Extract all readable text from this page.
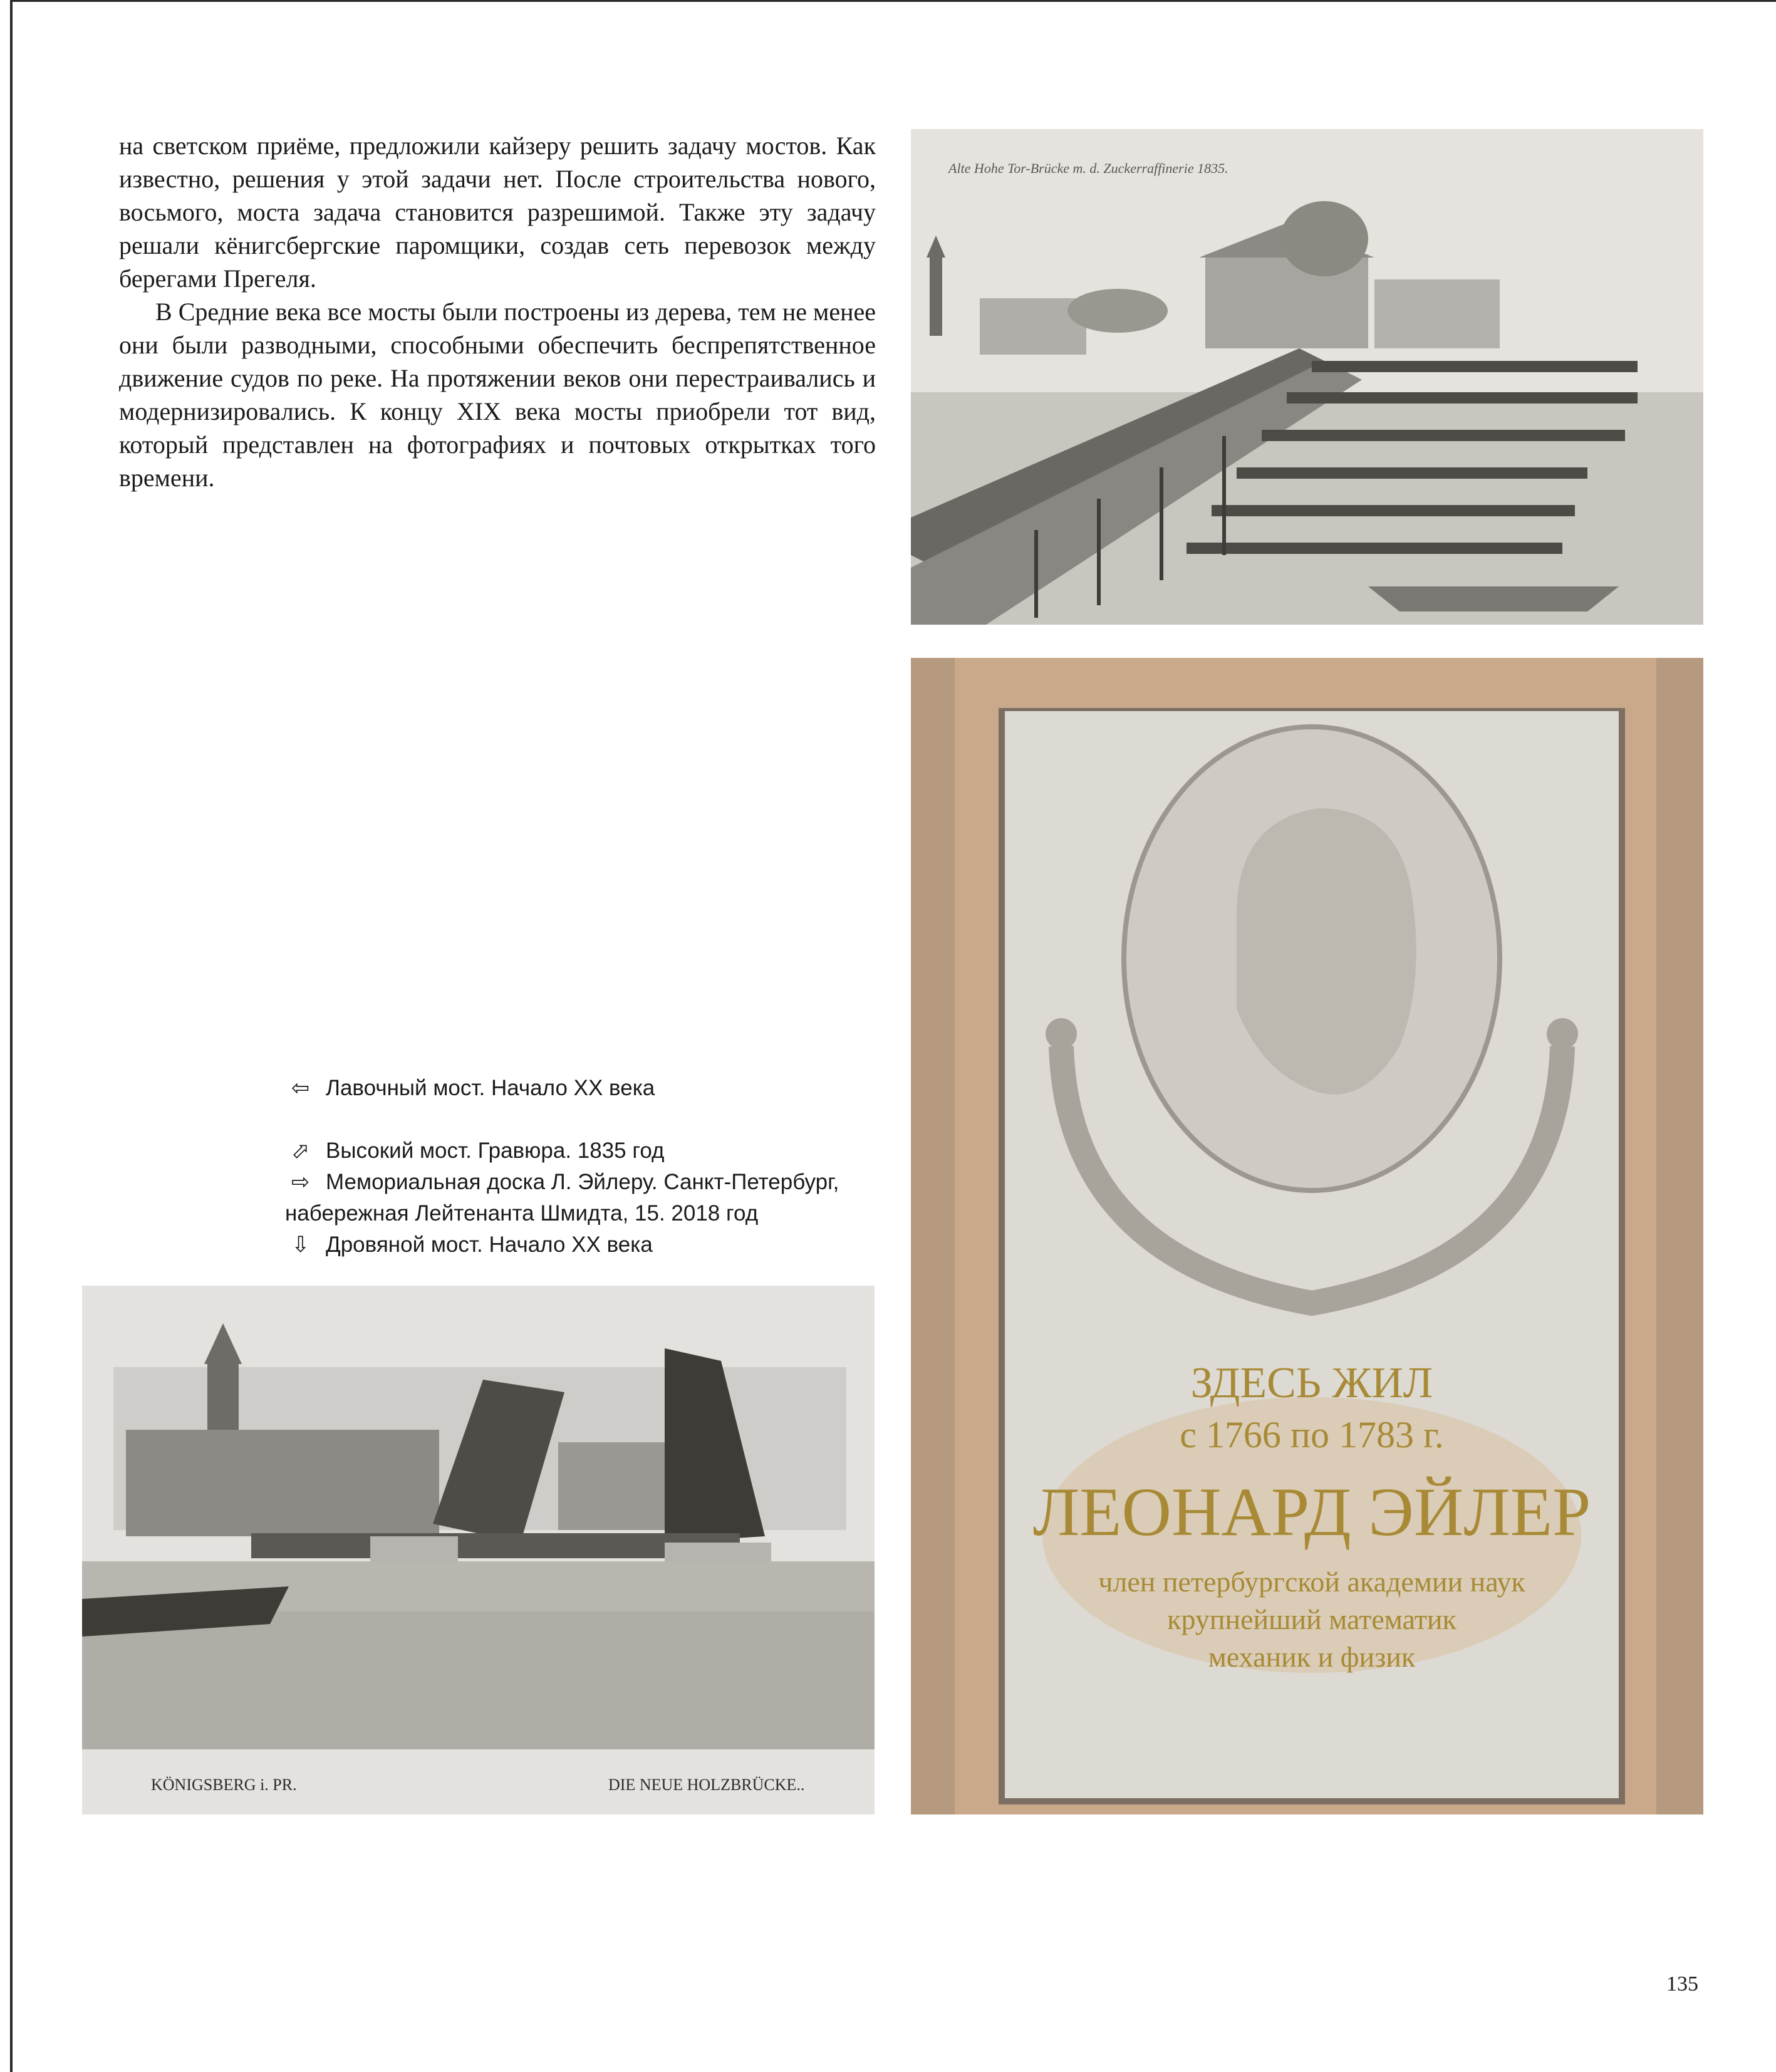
на светском приёме, предложили кайзеру решить задачу мостов. Как известно, решения у этой задачи нет. После строительства нового, восьмого, моста задача становится разрешимой. Также эту задачу решали кёнигсбергские паромщики, создав сеть перевозок между берегами Прегеля.

В Средние века все мосты были построены из дерева, тем не менее они были разводными, способными обеспечить беспрепятственное движение судов по реке. На протяжении веков они перестраивались и модернизировались. К концу XIX века мосты приобрели тот вид, который представлен на фотографиях и почтовых открытках того времени.

Alte Hohe Tor-Brücke m. d. Zuckerraffinerie 1835.
ЗДЕСЬ ЖИЛ
с 1766 по 1783 г.
ЛЕОНАРД ЭЙЛЕР
член петербургской академии наук
крупнейший математик
механик и физик
⇦ Лавочный мост. Начало XX века
⬀ Высокий мост. Гравюра. 1835 год
⇨ Мемориальная доска Л. Эйлеру. Санкт-Петербург,
набережная Лейтенанта Шмидта, 15. 2018 год
⇩ Дровяной мост. Начало XX века
KÖNIGSBERG i. PR.	DIE NEUE HOLZBRÜCKE..
135
